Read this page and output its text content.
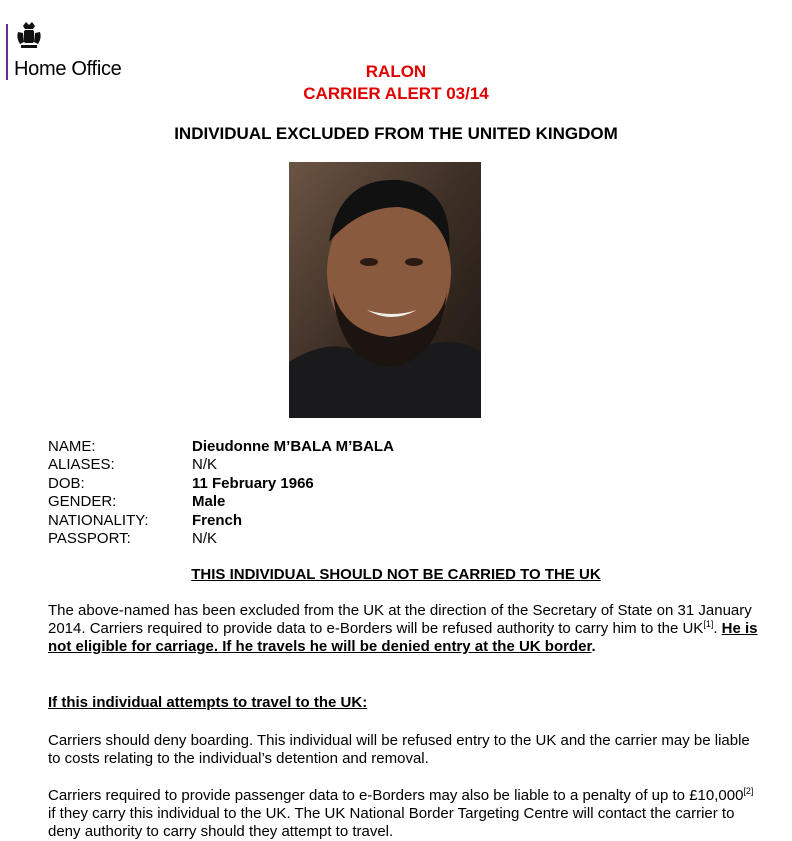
Home Office	RALON
CARRIER ALERT 03/14
INDIVIDUAL EXCLUDED FROM THE UNITED KINGDOM
NAME:	Dieudonne M’BALA M’BALA
ALIASES:	N/K
DOB:	11 February 1966
GENDER:	Male
NATIONALITY:	French
PASSPORT:	N/K
THIS INDIVIDUAL SHOULD NOT BE CARRIED TO THE UK
The above-named has been excluded from the UK at the direction of the Secretary of State on 31 January 2014. Carriers required to provide data to e-Borders will be refused authority to carry him to the UK[1]. He is not eligible for carriage. If he travels he will be denied entry at the UK border.
If this individual attempts to travel to the UK:
Carriers should deny boarding. This individual will be refused entry to the UK and the carrier may be liable to costs relating to the individual’s detention and removal.
Carriers required to provide passenger data to e-Borders may also be liable to a penalty of up to £10,000[2] if they carry this individual to the UK. The UK National Border Targeting Centre will contact the carrier to deny authority to carry should they attempt to travel.
